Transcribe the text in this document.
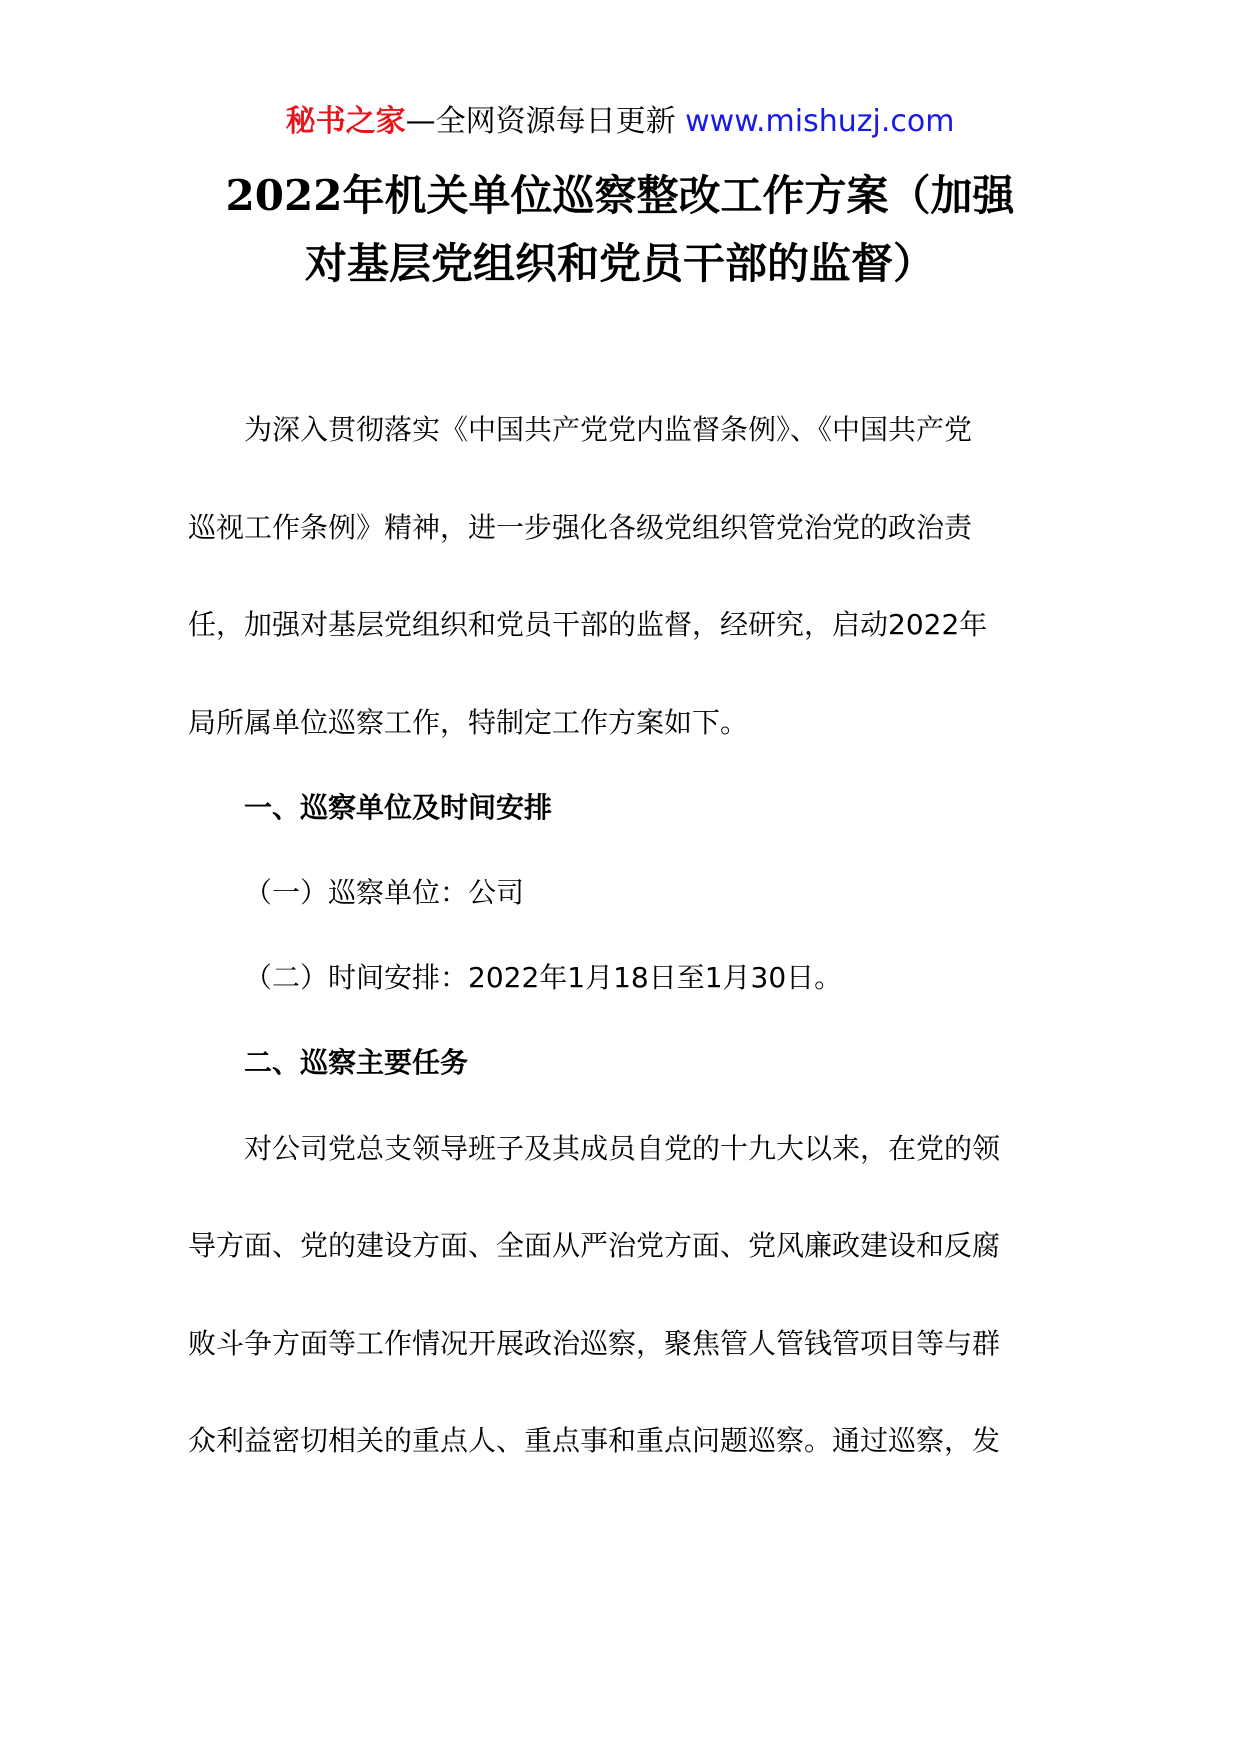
秘书之家—全网资源每日更新 www.mishuzj.com
2022年机关单位巡察整改工作方案（加强
对基层党组织和党员干部的监督）
为深入贯彻落实《中国共产党党内监督条例》、《中国共产党
巡视工作条例》精神，进一步强化各级党组织管党治党的政治责
任，加强对基层党组织和党员干部的监督，经研究，启动2022年
局所属单位巡察工作，特制定工作方案如下。
一、巡察单位及时间安排
（一）巡察单位：公司
（二）时间安排：2022年1月18日至1月30日。
二、巡察主要任务
对公司党总支领导班子及其成员自党的十九大以来，在党的领
导方面、党的建设方面、全面从严治党方面、党风廉政建设和反腐
败斗争方面等工作情况开展政治巡察，聚焦管人管钱管项目等与群
众利益密切相关的重点人、重点事和重点问题巡察。通过巡察，发
